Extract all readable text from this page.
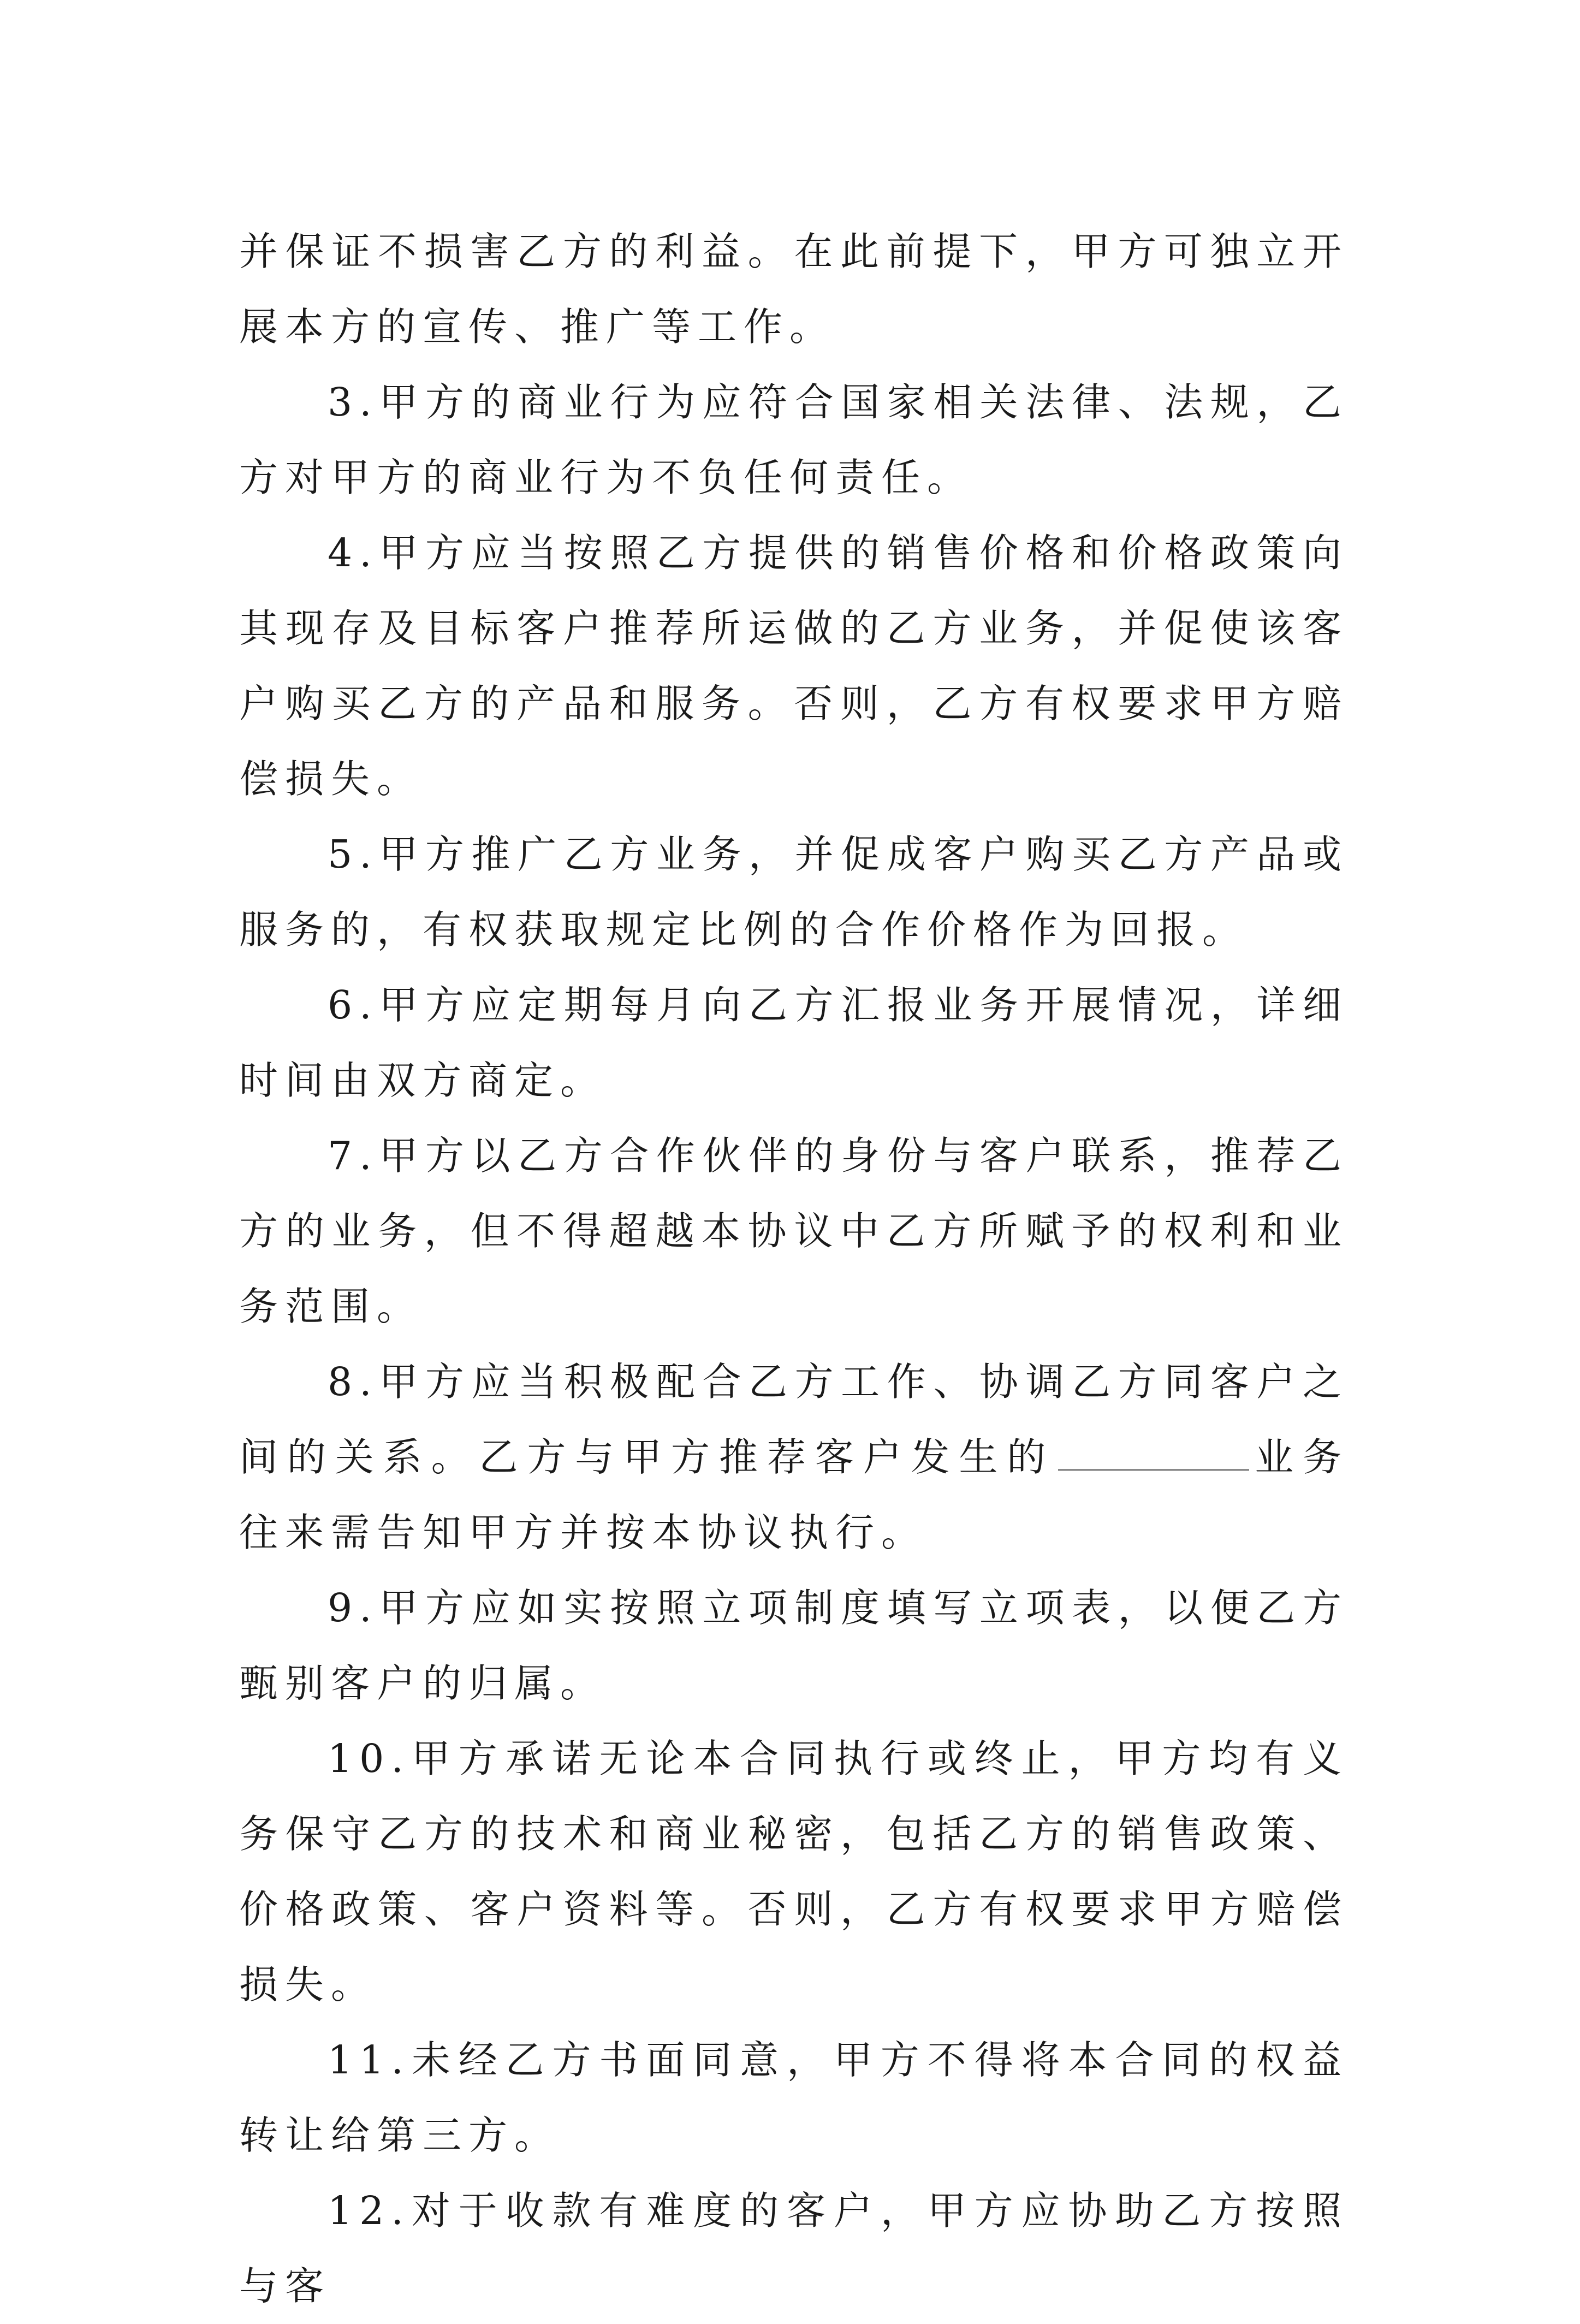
并保证不损害乙方的利益。在此前提下，甲方可独立开展本方的宣传、推广等工作。

3.甲方的商业行为应符合国家相关法律、法规，乙方对甲方的商业行为不负任何责任。

4.甲方应当按照乙方提供的销售价格和价格政策向其现存及目标客户推荐所运做的乙方业务，并促使该客户购买乙方的产品和服务。否则，乙方有权要求甲方赔偿损失。

5.甲方推广乙方业务，并促成客户购买乙方产品或服务的，有权获取规定比例的合作价格作为回报。

6.甲方应定期每月向乙方汇报业务开展情况，详细时间由双方商定。

7.甲方以乙方合作伙伴的身份与客户联系，推荐乙方的业务，但不得超越本协议中乙方所赋予的权利和业务范围。

8.甲方应当积极配合乙方工作、协调乙方同客户之间的关系。乙方与甲方推荐客户发生的	业务往来需告知甲方并按本协议执行。

9.甲方应如实按照立项制度填写立项表，以便乙方甄别客户的归属。

10.甲方承诺无论本合同执行或终止，甲方均有义务保守乙方的技术和商业秘密，包括乙方的销售政策、价格政策、客户资料等。否则，乙方有权要求甲方赔偿损失。

11.未经乙方书面同意，甲方不得将本合同的权益转让给第三方。

12.对于收款有难度的客户，甲方应协助乙方按照与客
